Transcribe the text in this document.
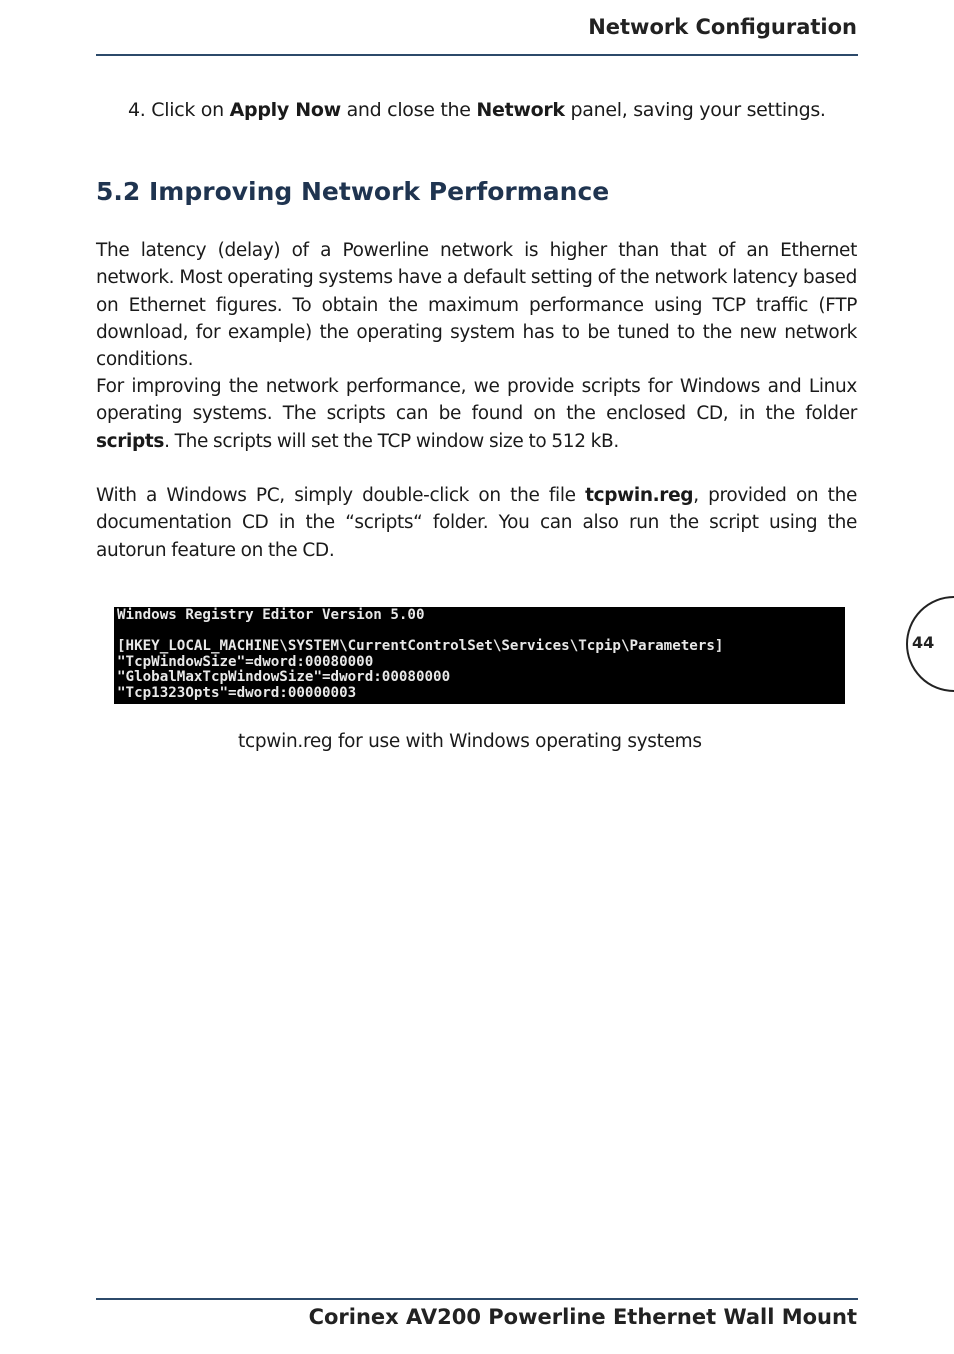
Network Configuration
4. Click on Apply Now and close the Network panel, saving your settings.
5.2 Improving Network Performance

The latency (delay) of a Powerline network is higher than that of an Ethernet network. Most operating systems have a default setting of the network latency based on Ethernet figures. To obtain the maximum performance using TCP traffic (FTP download, for example) the operating system has to be tuned to the new network conditions.

For improving the network performance, we provide scripts for Windows and Linux operating systems. The scripts can be found on the enclosed CD, in the folder scripts. The scripts will set the TCP window size to 512 kB.

With a Windows PC, simply double-click on the file tcpwin.reg, provided on the documentation CD in the “scripts“ folder. You can also run the script using the autorun feature on the CD.

Windows Registry Editor Version 5.00
[HKEY_LOCAL_MACHINE\SYSTEM\CurrentControlSet\Services\Tcpip\Parameters]
"TcpWindowSize"=dword:00080000
"GlobalMaxTcpWindowSize"=dword:00080000
"Tcp1323Opts"=dword:00000003
tcpwin.reg for use with Windows operating systems
44
Corinex AV200 Powerline Ethernet Wall Mount
